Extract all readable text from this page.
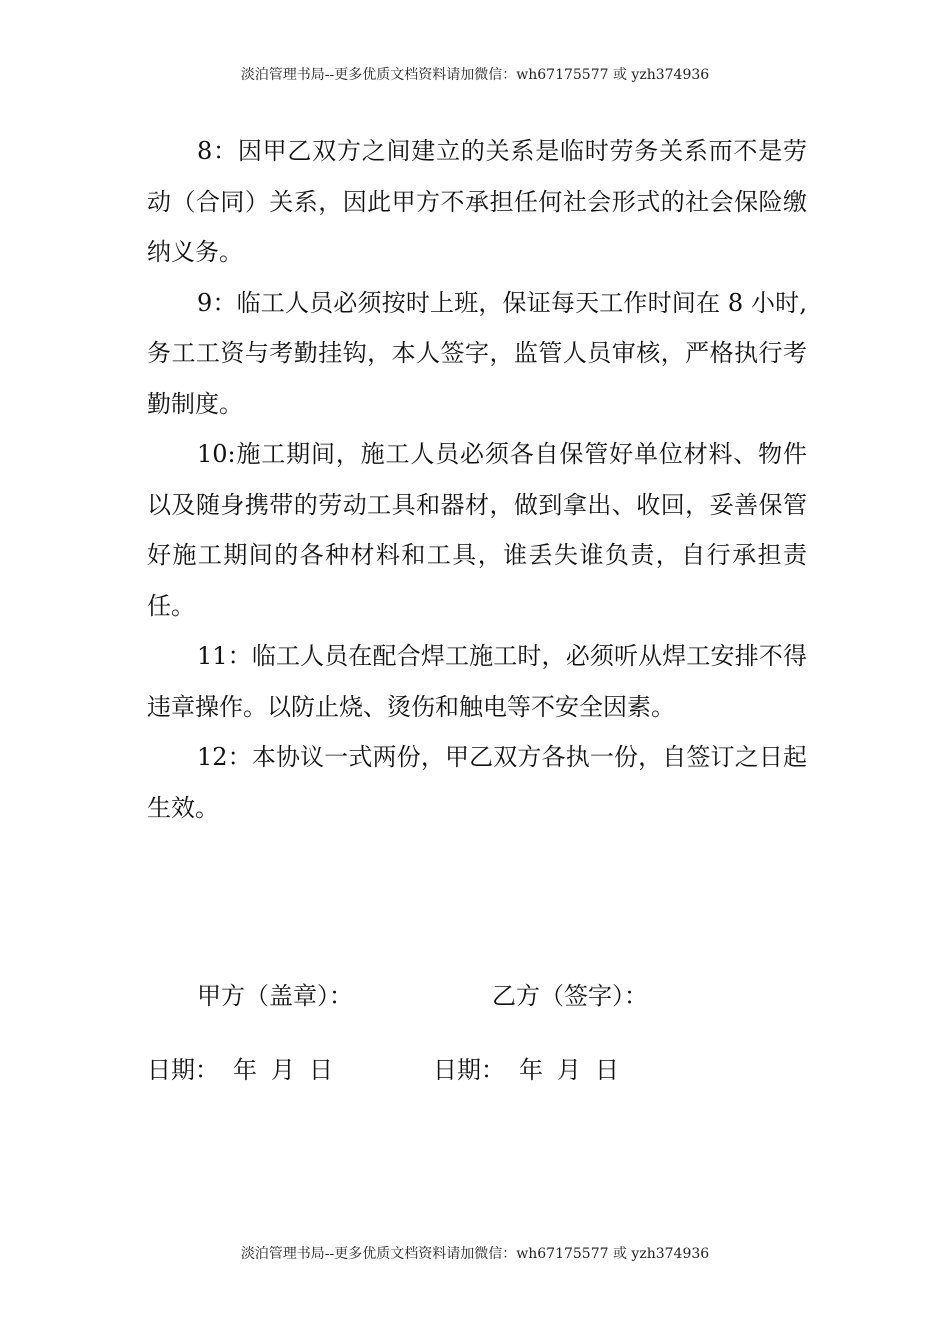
淡泊管理书局--更多优质文档资料请加微信：wh67175577 或 yzh374936

8：因甲乙双方之间建立的关系是临时劳务关系而不是劳动（合同）关系，因此甲方不承担任何社会形式的社会保险缴纳义务。

9：临工人员必须按时上班，保证每天工作时间在 8 小时,务工工资与考勤挂钩，本人签字，监管人员审核，严格执行考勤制度。

10:施工期间，施工人员必须各自保管好单位材料、物件以及随身携带的劳动工具和器材，做到拿出、收回，妥善保管好施工期间的各种材料和工具，谁丢失谁负责，自行承担责任。

11：临工人员在配合焊工施工时，必须听从焊工安排不得违章操作。以防止烧、烫伤和触电等不安全因素。

12：本协议一式两份，甲乙双方各执一份，自签订之日起生效。

甲方（盖章）：	乙方（签字）：
日期： 年 月 日	日期： 年 月 日
淡泊管理书局--更多优质文档资料请加微信：wh67175577 或 yzh374936
